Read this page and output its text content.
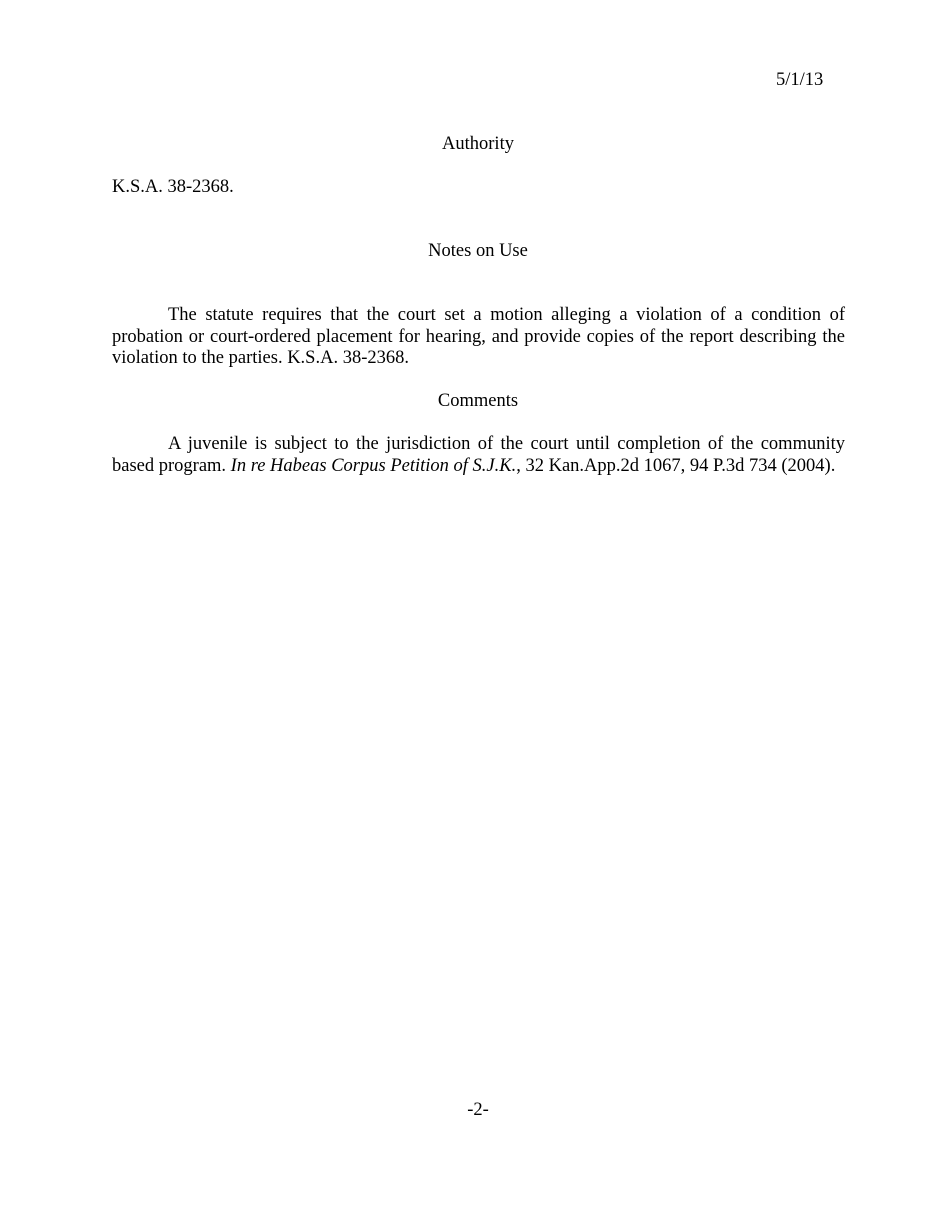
5/1/13
Authority
K.S.A. 38-2368.
Notes on Use

The statute requires that the court set a motion alleging a violation of a condition of probation or court-ordered placement for hearing, and provide copies of the report describing the violation to the parties. K.S.A. 38-2368.

Comments

A juvenile is subject to the jurisdiction of the court until completion of the community based program. In re Habeas Corpus Petition of S.J.K., 32 Kan.App.2d 1067, 94 P.3d 734 (2004).

-2-
